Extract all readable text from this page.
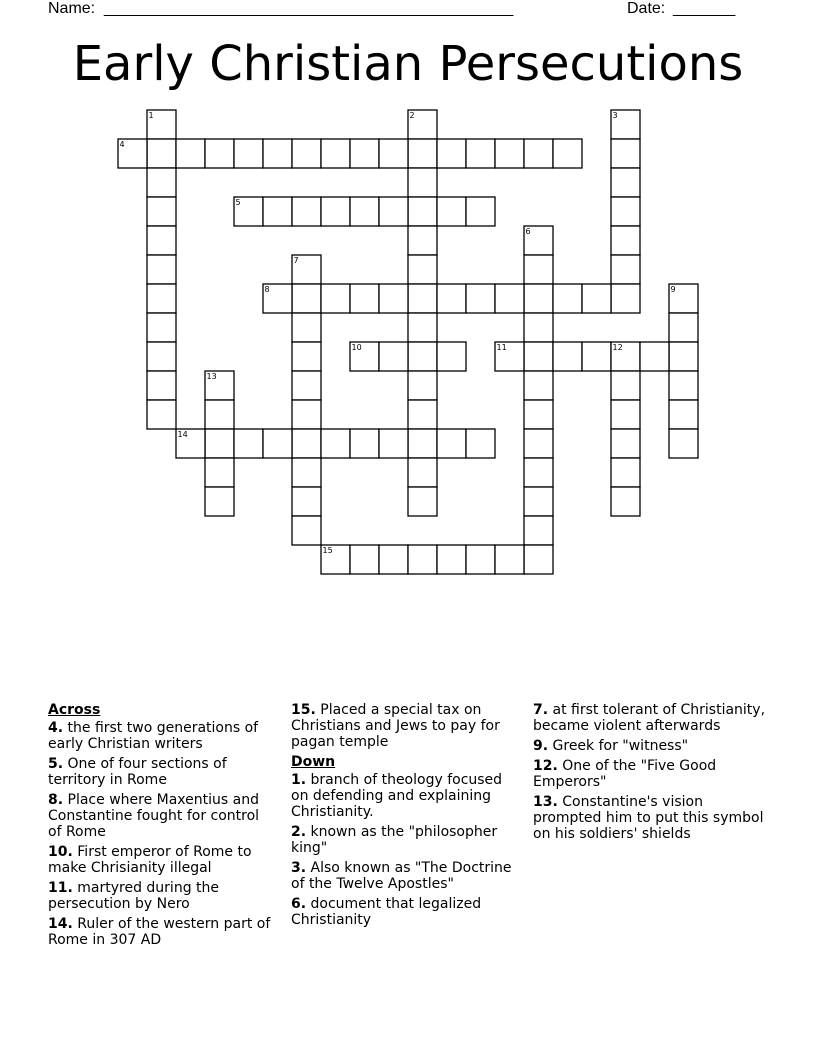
Name: ______________________________________________	Date: _______
Early Christian Persecutions
1	2	3
4
5
6
7
8	9
10	11	12
13
14
15
Across
4. the first two generations of early Christian writers
5. One of four sections of territory in Rome
8. Place where Maxentius and Constantine fought for control of Rome
10. First emperor of Rome to make Chrisianity illegal
11. martyred during the persecution by Nero
14. Ruler of the western part of Rome in 307 AD
15. Placed a special tax on Christians and Jews to pay for pagan temple
Down
1. branch of theology focused on defending and explaining Christianity.
2. known as the "philosopher king"
3. Also known as "The Doctrine of the Twelve Apostles"
6. document that legalized Christianity
7. at first tolerant of Christianity, became violent afterwards
9. Greek for "witness"
12. One of the "Five Good Emperors"
13. Constantine's vision prompted him to put this symbol on his soldiers' shields
